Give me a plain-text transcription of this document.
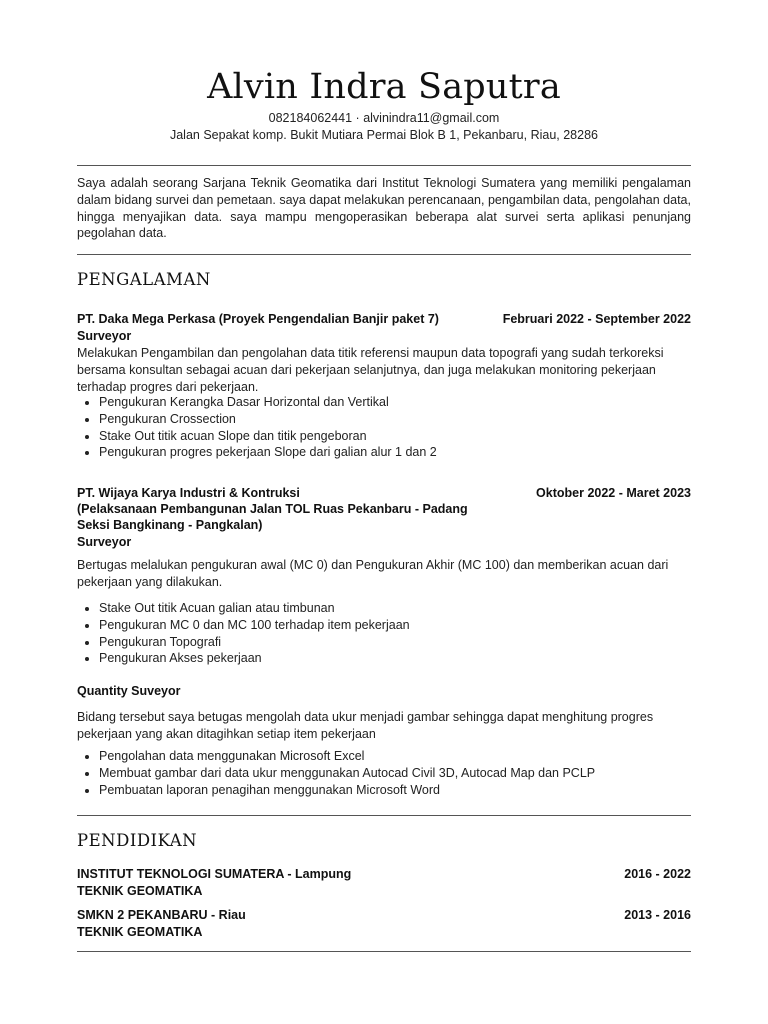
Alvin Indra Saputra
082184062441 · alvinindra11@gmail.com
Jalan Sepakat komp. Bukit Mutiara Permai Blok B 1, Pekanbaru, Riau, 28286
Saya adalah seorang Sarjana Teknik Geomatika dari Institut Teknologi Sumatera yang memiliki pengalaman dalam bidang survei dan pemetaan. saya dapat melakukan perencanaan, pengambilan data, pengolahan data, hingga menyajikan data. saya mampu mengoperasikan beberapa alat survei serta aplikasi penunjang pegolahan data.
PENGALAMAN
PT. Daka Mega Perkasa (Proyek Pengendalian Banjir paket 7)	Februari 2022 - September 2022
Surveyor
Melakukan Pengambilan dan pengolahan data titik referensi maupun data topografi yang sudah terkoreksi bersama konsultan sebagai acuan dari pekerjaan selanjutnya, dan juga melakukan monitoring pekerjaan terhadap progres dari pekerjaan.
• Pengukuran Kerangka Dasar Horizontal dan Vertikal
• Pengukuran Crossection
• Stake Out titik acuan Slope dan titik pengeboran
• Pengukuran progres pekerjaan Slope dari galian alur 1 dan 2
PT. Wijaya Karya Industri & Kontruksi	Oktober 2022 - Maret 2023
(Pelaksanaan Pembangunan Jalan TOL Ruas Pekanbaru - Padang
Seksi Bangkinang - Pangkalan)
Surveyor
Bertugas melalukan pengukuran awal (MC 0) dan Pengukuran Akhir (MC 100) dan memberikan acuan dari pekerjaan yang dilakukan.
• Stake Out titik Acuan galian atau timbunan
• Pengukuran MC 0 dan MC 100 terhadap item pekerjaan
• Pengukuran Topografi
• Pengukuran Akses pekerjaan
Quantity Suveyor
Bidang tersebut saya betugas mengolah data ukur menjadi gambar sehingga dapat menghitung progres pekerjaan yang akan ditagihkan setiap item pekerjaan
• Pengolahan data menggunakan Microsoft Excel
• Membuat gambar dari data ukur menggunakan Autocad Civil 3D, Autocad Map dan PCLP
• Pembuatan laporan penagihan menggunakan Microsoft Word
PENDIDIKAN
INSTITUT TEKNOLOGI SUMATERA - Lampung	2016 - 2022
TEKNIK GEOMATIKA
SMKN 2 PEKANBARU - Riau	2013 - 2016
TEKNIK GEOMATIKA
